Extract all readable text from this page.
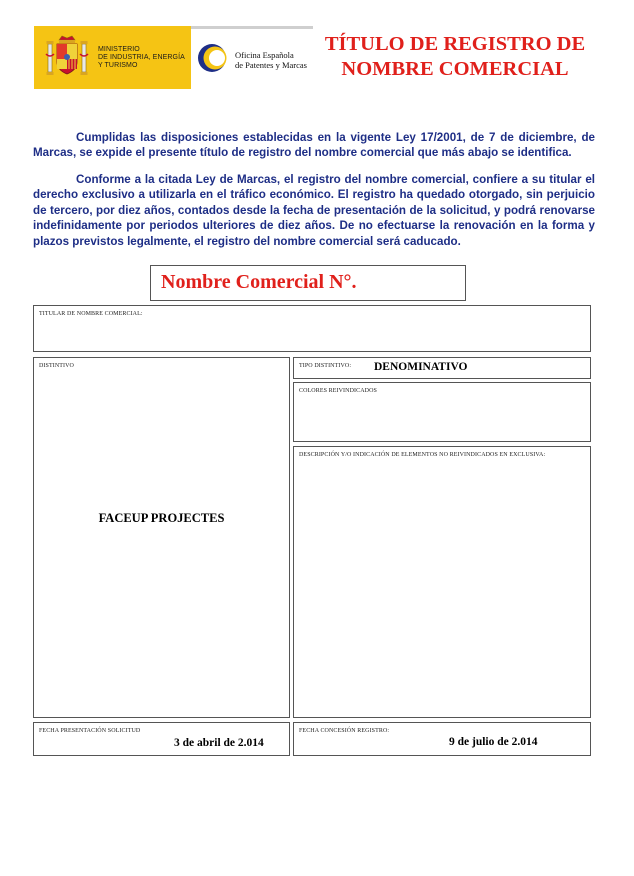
MINISTERIO
DE INDUSTRIA, ENERGÍA
Y TURISMO
Oficina Española
de Patentes y Marcas
TÍTULO DE REGISTRO DE
NOMBRE COMERCIAL
Cumplidas las disposiciones establecidas en la vigente Ley 17/2001, de 7 de diciembre, de Marcas, se expide el presente título de registro del nombre comercial que más abajo se identifica.
Conforme a la citada Ley de Marcas, el registro del nombre comercial, confiere a su titular el derecho exclusivo a utilizarla en el tráfico económico. El registro ha quedado otorgado, sin perjuicio de tercero, por diez años, contados desde la fecha de presentación de la solicitud, y podrá renovarse indefinidamente por periodos ulteriores de diez años. De no efectuarse la renovación en la forma y plazos previstos legalmente, el registro del nombre comercial será caducado.
Nombre Comercial N°.
TITULAR DE NOMBRE COMERCIAL:
DISTINTIVO
FACEUP PROJECTES
TIPO DISTINTIVO: DENOMINATIVO
COLORES REIVINDICADOS
DESCRIPCIÓN Y/O INDICACIÓN DE ELEMENTOS NO REIVINDICADOS EN EXCLUSIVA:
FECHA PRESENTACIÓN SOLICITUD
3 de abril de 2.014
FECHA CONCESIÓN REGISTRO:
9 de julio de 2.014
